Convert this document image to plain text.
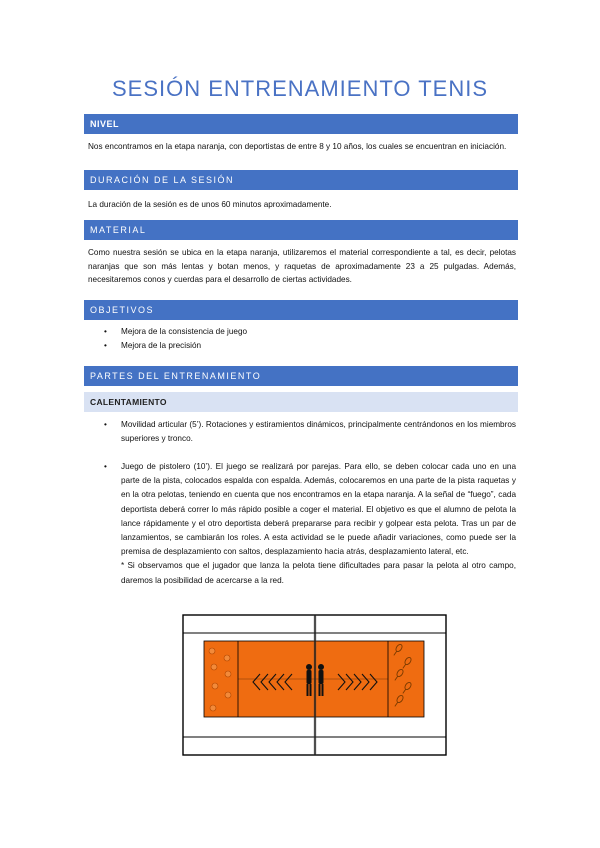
SESIÓN ENTRENAMIENTO TENIS
NIVEL
Nos encontramos en la etapa naranja, con deportistas de entre 8 y 10 años, los cuales se encuentran en iniciación.
DURACIÓN DE LA SESIÓN
La duración de la sesión es de unos 60 minutos aproximadamente.
MATERIAL
Como nuestra sesión se ubica en la etapa naranja, utilizaremos el material correspondiente a tal, es decir, pelotas naranjas que son más lentas y botan menos, y raquetas de aproximadamente 23 a 25 pulgadas. Además, necesitaremos conos y cuerdas para el desarrollo de ciertas actividades.
OBJETIVOS
• Mejora de la consistencia de juego
• Mejora de la precisión
PARTES DEL ENTRENAMIENTO
CALENTAMIENTO
•	Movilidad articular (5’). Rotaciones y estiramientos dinámicos, principalmente centrándonos en los miembros superiores y tronco.
•	Juego de pistolero (10’). El juego se realizará por parejas. Para ello, se deben colocar cada uno en una parte de la pista, colocados espalda con espalda. Además, colocaremos en una parte de la pista raquetas y en la otra pelotas, teniendo en cuenta que nos encontramos en la etapa naranja. A la señal de “fuego”, cada deportista deberá correr lo más rápido posible a coger el material. El objetivo es que el alumno de pelota la lance rápidamente y el otro deportista deberá prepararse para recibir y golpear esta pelota. Tras un par de lanzamientos, se cambiarán los roles. A esta actividad se le puede añadir variaciones, como puede ser la premisa de desplazamiento con saltos, desplazamiento hacia atrás, desplazamiento lateral, etc.
* Si observamos que el jugador que lanza la pelota tiene dificultades para pasar la pelota al otro campo, daremos la posibilidad de acercarse a la red.
